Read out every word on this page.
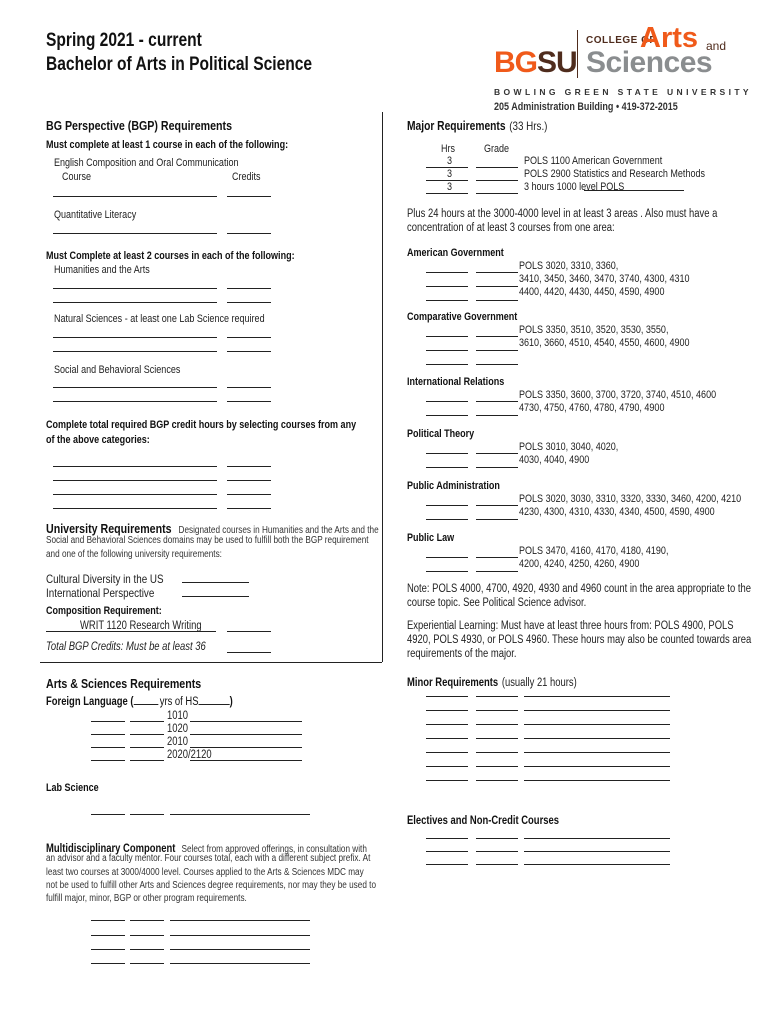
Spring 2021 - current
Bachelor of Arts in Political Science	BGSU
COLLEGE OF
Arts and
Sciences
BOWLING GREEN STATE UNIVERSITY
205 Administration Building • 419-372-2015
BG Perspective (BGP) Requirements
Must complete at least 1 course in each of the following:
English Composition and Oral Communication
Course	Credits
Quantitative Literacy
Must Complete at least 2 courses in each of the following:
Humanities and the Arts
Natural Sciences - at least one Lab Science required
Social and Behavioral Sciences
Complete total required BGP credit hours by selecting courses from any
of the above categories:
University Requirements Designated courses in Humanities and the Arts and the
Social and Behavioral Sciences domains may be used to fulfill both the BGP requirement
and one of the following university requirements:
Cultural Diversity in the US
International Perspective
Composition Requirement:
WRIT 1120 Research Writing
Total BGP Credits: Must be at least 36
Arts & Sciences Requirements
Foreign Language ( yrs of HS	)
1010
1020
2010
2020/2120
Lab Science
Multidisciplinary Component Select from approved offerings, in consultation with
an advisor and a faculty mentor. Four courses total, each with a different subject prefix. At
least two courses at 3000/4000 level. Courses applied to the Arts & Sciences MDC may
not be used to fulfill other Arts and Sciences degree requirements, nor may they be used to
fulfill major, minor, BGP or other program requirements.
Major Requirements (33 Hrs.)
Hrs	Grade
3	POLS 1100 American Government
3	POLS 2900 Statistics and Research Methods
3	3 hours 1000 level POLS
Plus 24 hours at the 3000-4000 level in at least 3 areas . Also must have a
concentration of at least 3 courses from one area:
American Government
POLS 3020, 3310, 3360,
3410, 3450, 3460, 3470, 3740, 4300, 4310
4400, 4420, 4430, 4450, 4590, 4900
Comparative Government
POLS 3350, 3510, 3520, 3530, 3550,
3610, 3660, 4510, 4540, 4550, 4600, 4900
International Relations
POLS 3350, 3600, 3700, 3720, 3740, 4510, 4600
4730, 4750, 4760, 4780, 4790, 4900
Political Theory
POLS 3010, 3040, 4020,
4030, 4040, 4900
Public Administration
POLS 3020, 3030, 3310, 3320, 3330, 3460, 4200, 4210
4230, 4300, 4310, 4330, 4340, 4500, 4590, 4900
Public Law
POLS 3470, 4160, 4170, 4180, 4190,
4200, 4240, 4250, 4260, 4900
Note: POLS 4000, 4700, 4920, 4930 and 4960 count in the area appropriate to the
course topic. See Political Science advisor.
Experiential Learning: Must have at least three hours from: POLS 4900, POLS
4920, POLS 4930, or POLS 4960. These hours may also be counted towards area
requirements of the major.
Minor Requirements (usually 21 hours)
Electives and Non-Credit Courses
